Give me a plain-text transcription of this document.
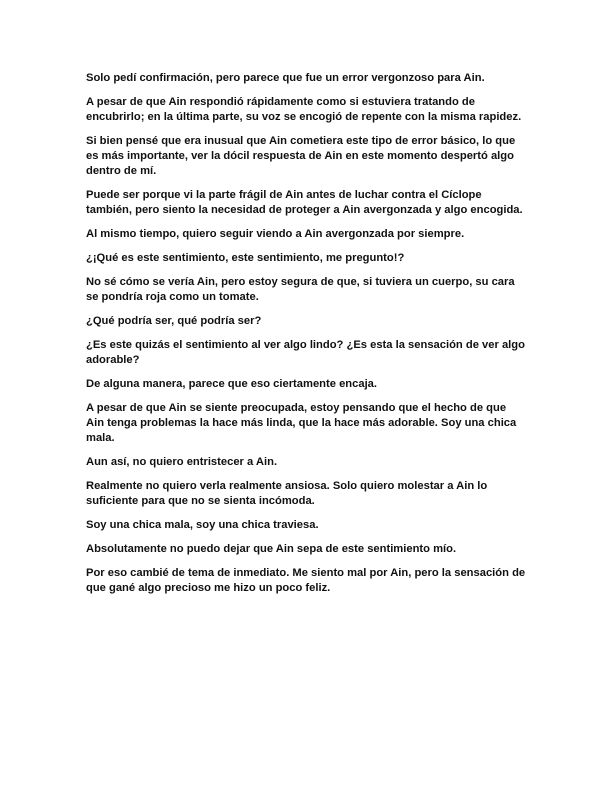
Solo pedí confirmación, pero parece que fue un error vergonzoso para Ain.

A pesar de que Ain respondió rápidamente como si estuviera tratando de encubrirlo; en la última parte, su voz se encogió de repente con la misma rapidez.

Si bien pensé que era inusual que Ain cometiera este tipo de error básico, lo que es más importante, ver la dócil respuesta de Ain en este momento despertó algo dentro de mí.

Puede ser porque vi la parte frágil de Ain antes de luchar contra el Cíclope también, pero siento la necesidad de proteger a Ain avergonzada y algo encogida.

Al mismo tiempo, quiero seguir viendo a Ain avergonzada por siempre.

¿¡Qué es este sentimiento, este sentimiento, me pregunto!?

No sé cómo se vería Ain, pero estoy segura de que, si tuviera un cuerpo, su cara se pondría roja como un tomate.

¿Qué podría ser, qué podría ser?

¿Es este quizás el sentimiento al ver algo lindo? ¿Es esta la sensación de ver algo adorable?

De alguna manera, parece que eso ciertamente encaja.

A pesar de que Ain se siente preocupada, estoy pensando que el hecho de que Ain tenga problemas la hace más linda, que la hace más adorable. Soy una chica mala.

Aun así, no quiero entristecer a Ain.

Realmente no quiero verla realmente ansiosa. Solo quiero molestar a Ain lo suficiente para que no se sienta incómoda.

Soy una chica mala, soy una chica traviesa.

Absolutamente no puedo dejar que Ain sepa de este sentimiento mío.

Por eso cambié de tema de inmediato. Me siento mal por Ain, pero la sensación de que gané algo precioso me hizo un poco feliz.
